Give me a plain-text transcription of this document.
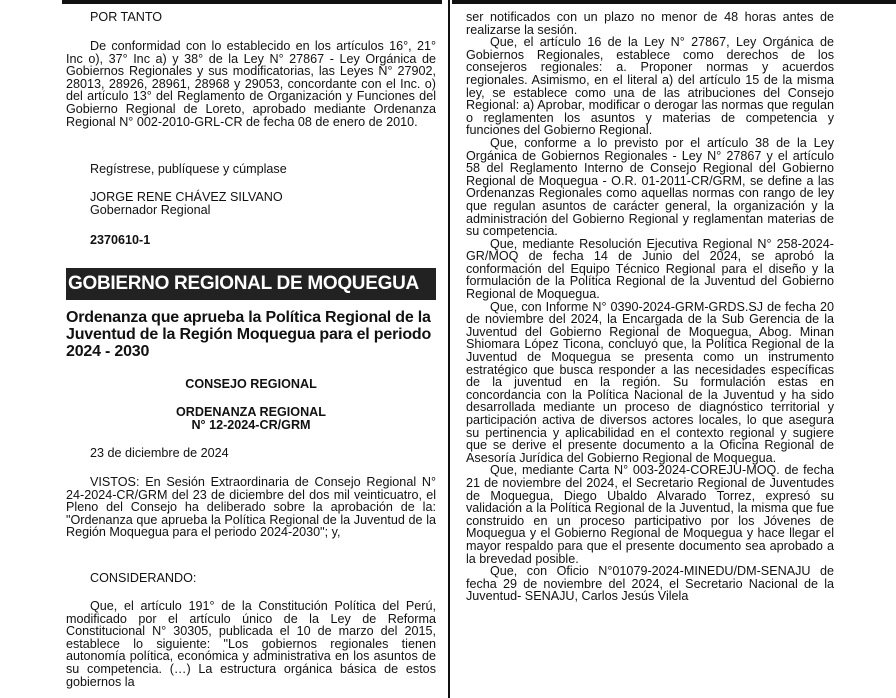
POR TANTO

De conformidad con lo establecido en los artículos 16°, 21° Inc o), 37° Inc a) y 38° de la Ley N° 27867 - Ley Orgánica de Gobiernos Regionales y sus modificatorias, las Leyes N° 27902, 28013, 28926, 28961, 28968 y 29053, concordante con el Inc. o) del artículo 13° del Reglamento de Organización y Funciones del Gobierno Regional de Loreto, aprobado mediante Ordenanza Regional N° 002-2010-GRL-CR de fecha 08 de enero de 2010.

Regístrese, publíquese y cúmplase

JORGE RENE CHÁVEZ SILVANO

Gobernador Regional

2370610-1

GOBIERNO REGIONAL DE MOQUEGUA
Ordenanza que aprueba la Política Regional de la Juventud de la Región Moquegua para el periodo 2024 - 2030

CONSEJO REGIONAL

ORDENANZA REGIONAL

N° 12-2024-CR/GRM

23 de diciembre de 2024

VISTOS: En Sesión Extraordinaria de Consejo Regional N° 24-2024-CR/GRM del 23 de diciembre del dos mil veinticuatro, el Pleno del Consejo ha deliberado sobre la aprobación de la: "Ordenanza que aprueba la Política Regional de la Juventud de la Región Moquegua para el periodo 2024-2030"; y,

CONSIDERANDO:

Que, el artículo 191° de la Constitución Política del Perú, modificado por el artículo único de la Ley de Reforma Constitucional N° 30305, publicada el 10 de marzo del 2015, establece lo siguiente: "Los gobiernos regionales tienen autonomía política, económica y administrativa en los asuntos de su competencia. (…) La estructura orgánica básica de estos gobiernos la

ser notificados con un plazo no menor de 48 horas antes de realizarse la sesión.

Que, el artículo 16 de la Ley N° 27867, Ley Orgánica de Gobiernos Regionales, establece como derechos de los consejeros regionales: a. Proponer normas y acuerdos regionales. Asimismo, en el literal a) del artículo 15 de la misma ley, se establece como una de las atribuciones del Consejo Regional: a) Aprobar, modificar o derogar las normas que regulan o reglamenten los asuntos y materias de competencia y funciones del Gobierno Regional.

Que, conforme a lo previsto por el artículo 38 de la Ley Orgánica de Gobiernos Regionales - Ley N° 27867 y el artículo 58 del Reglamento Interno de Consejo Regional del Gobierno Regional de Moquegua - O.R. 01-2011-CR/GRM, se define a las Ordenanzas Regionales como aquellas normas con rango de ley que regulan asuntos de carácter general, la organización y la administración del Gobierno Regional y reglamentan materias de su competencia.

Que, mediante Resolución Ejecutiva Regional N° 258-2024-GR/MOQ de fecha 14 de Junio del 2024, se aprobó la conformación del Equipo Técnico Regional para el diseño y la formulación de la Política Regional de la Juventud del Gobierno Regional de Moquegua.

Que, con Informe N° 0390-2024-GRM-GRDS.SJ de fecha 20 de noviembre del 2024, la Encargada de la Sub Gerencia de la Juventud del Gobierno Regional de Moquegua, Abog. Minan Shiomara López Ticona, concluyó que, la Política Regional de la Juventud de Moquegua se presenta como un instrumento estratégico que busca responder a las necesidades específicas de la juventud en la región. Su formulación estas en concordancia con la Política Nacional de la Juventud y ha sido desarrollada mediante un proceso de diagnóstico territorial y participación activa de diversos actores locales, lo que asegura su pertinencia y aplicabilidad en el contexto regional y sugiere que se derive el presente documento a la Oficina Regional de Asesoría Jurídica del Gobierno Regional de Moquegua.

Que, mediante Carta N° 003-2024-COREJU-MOQ. de fecha 21 de noviembre del 2024, el Secretario Regional de Juventudes de Moquegua, Diego Ubaldo Alvarado Torrez, expresó su validación a la Política Regional de la Juventud, la misma que fue construido en un proceso participativo por los Jóvenes de Moquegua y el Gobierno Regional de Moquegua y hace llegar el mayor respaldo para que el presente documento sea aprobado a la brevedad posible.

Que, con Oficio N°01079-2024-MINEDU/DM-SENAJU de fecha 29 de noviembre del 2024, el Secretario Nacional de la Juventud- SENAJU, Carlos Jesús Vilela
